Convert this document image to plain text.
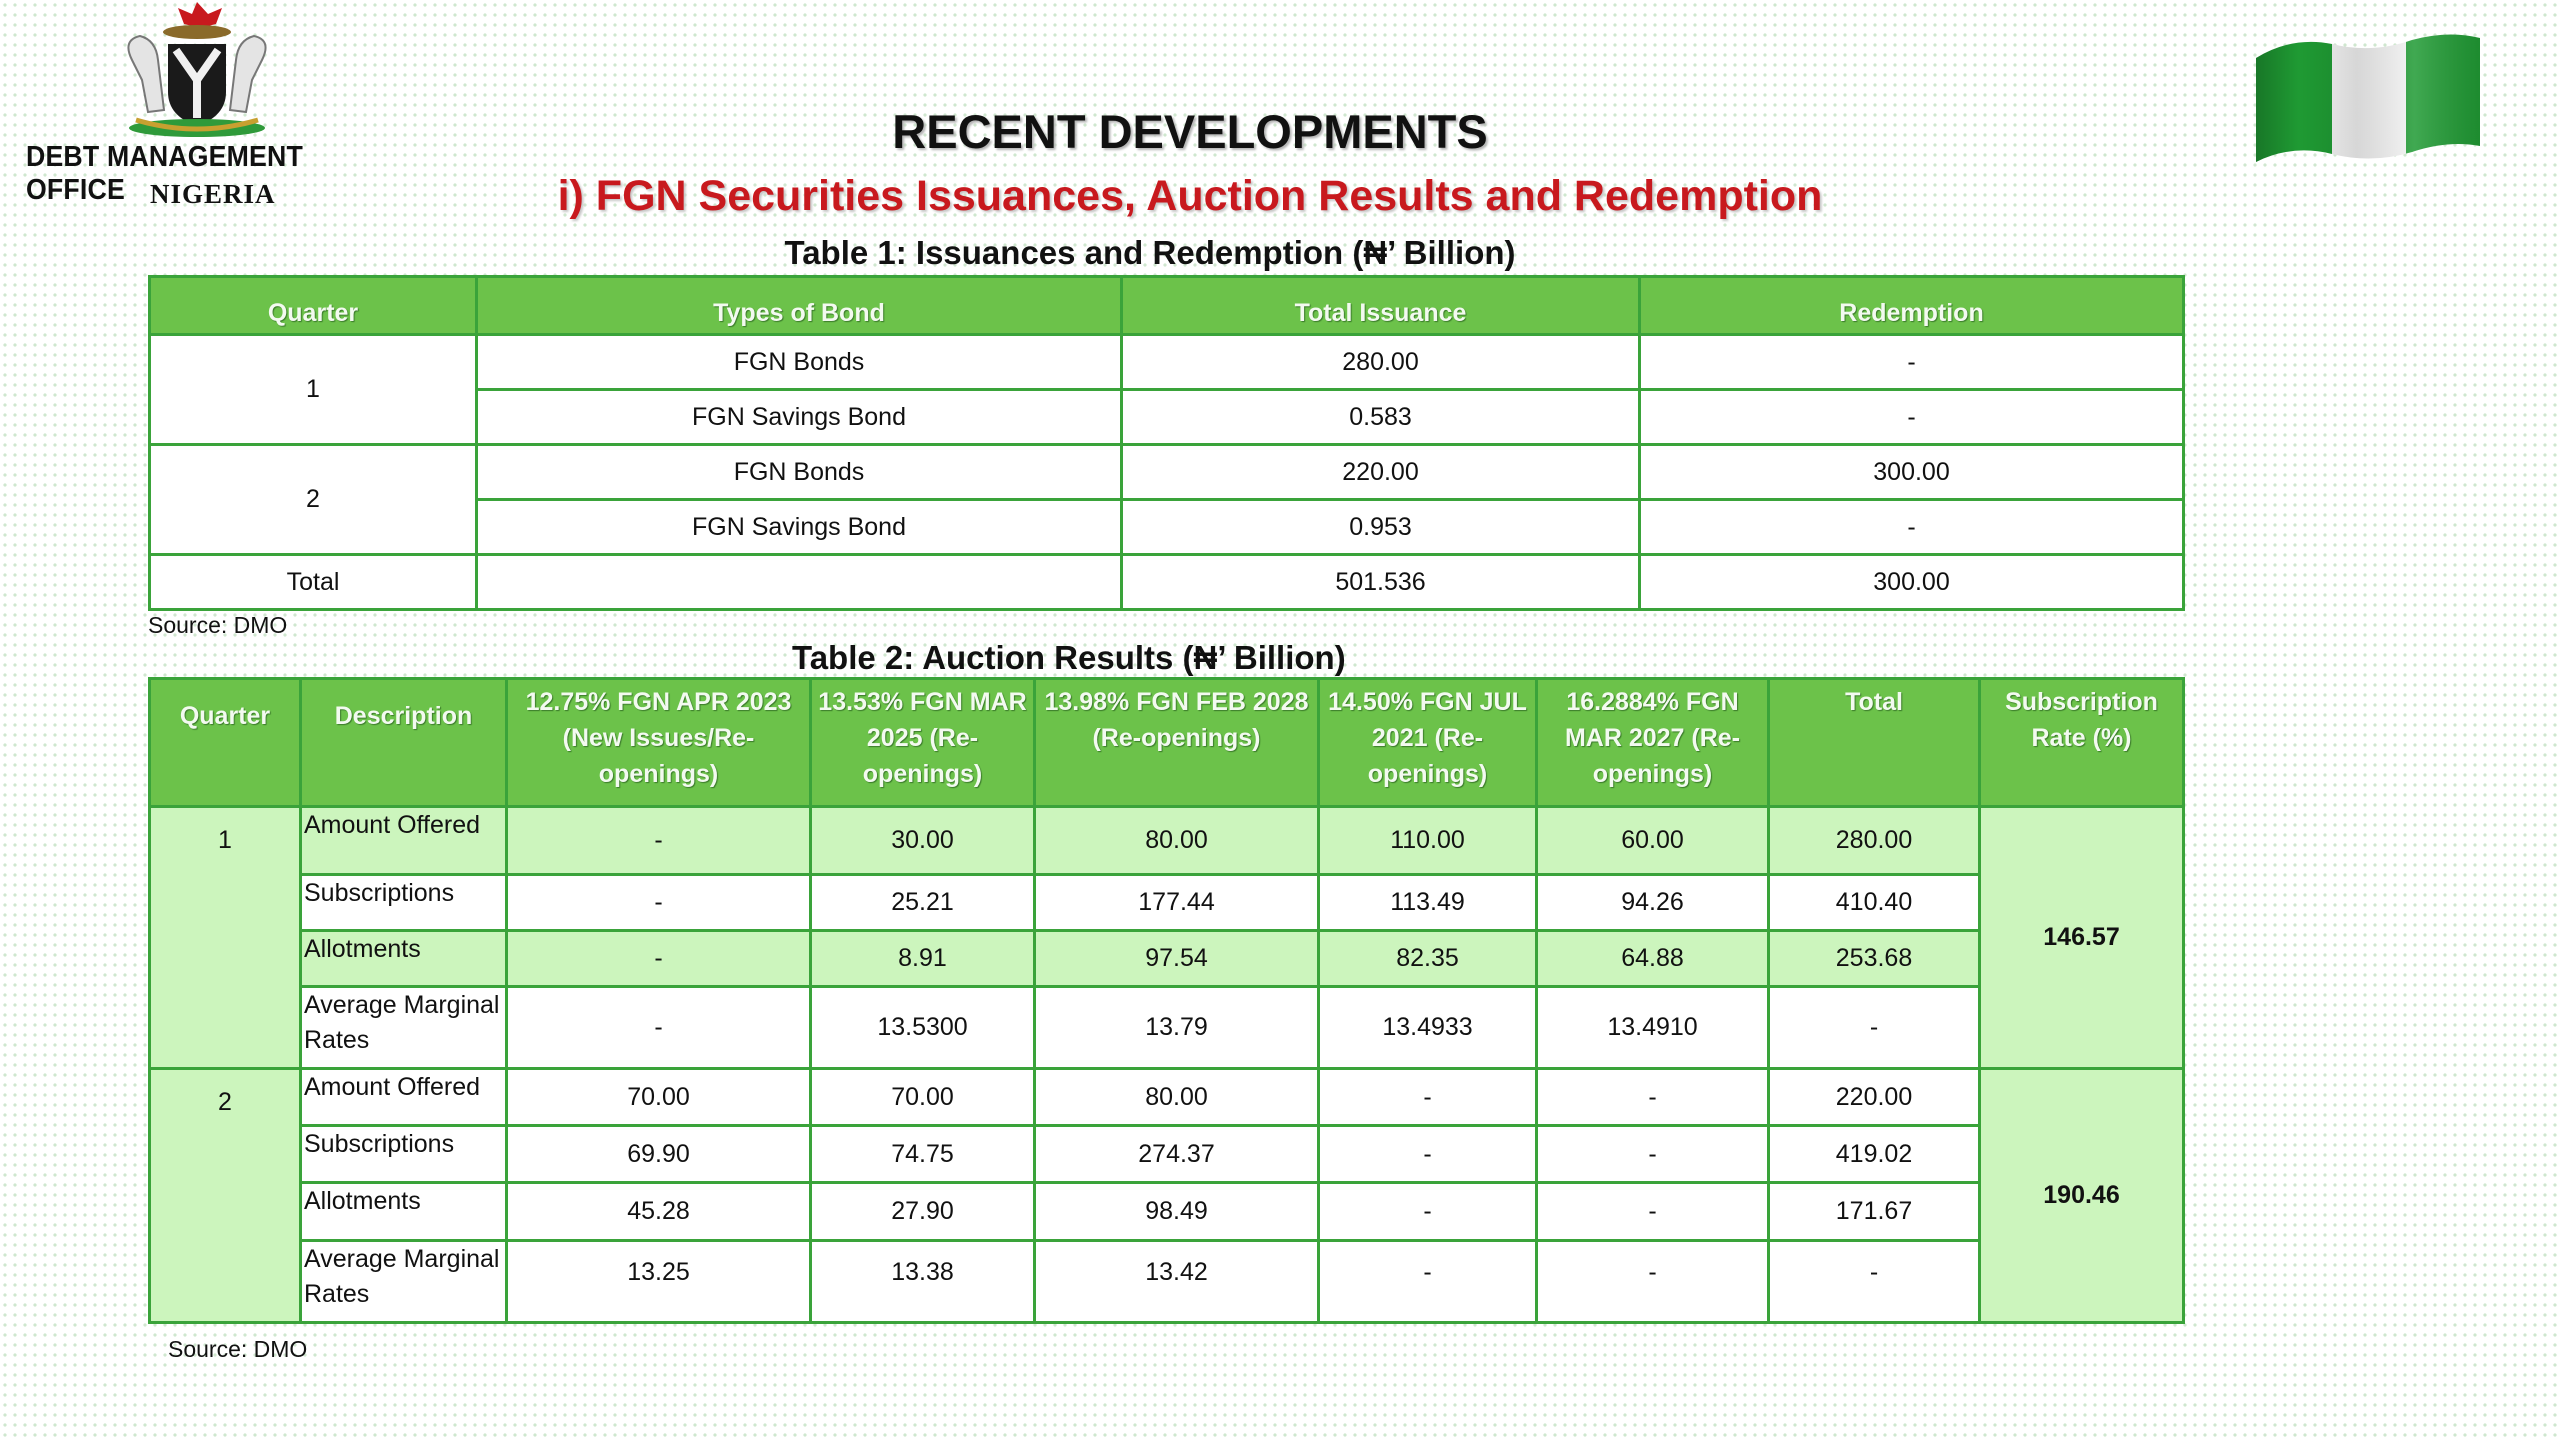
DEBT MANAGEMENT OFFICE NIGERIA
RECENT DEVELOPMENTS
i) FGN Securities Issuances, Auction Results and Redemption
Table 1: Issuances and Redemption (₦’ Billion)
Quarter	Types of Bond	Total Issuance	Redemption
1	FGN Bonds	280.00	-
	FGN Savings Bond	0.583	-
2	FGN Bonds	220.00	300.00
	FGN Savings Bond	0.953	-
Total		501.536	300.00
Source: DMO
Table 2: Auction Results (₦’ Billion)
Quarter	Description	12.75% FGN APR 2023 (New Issues/Re-openings)	13.53% FGN MAR 2025 (Re-openings)	13.98% FGN FEB 2028 (Re-openings)	14.50% FGN JUL 2021 (Re-openings)	16.2884% FGN MAR 2027 (Re-openings)	Total	Subscription Rate (%)
1	Amount Offered	-	30.00	80.00	110.00	60.00	280.00	146.57
	Subscriptions	-	25.21	177.44	113.49	94.26	410.40	
	Allotments	-	8.91	97.54	82.35	64.88	253.68	
	Average Marginal Rates	-	13.5300	13.79	13.4933	13.4910	-	
2	Amount Offered	70.00	70.00	80.00	-	-	220.00	190.46
	Subscriptions	69.90	74.75	274.37	-	-	419.02	
	Allotments	45.28	27.90	98.49	-	-	171.67	
	Average Marginal Rates	13.25	13.38	13.42	-	-	-	
Source: DMO
